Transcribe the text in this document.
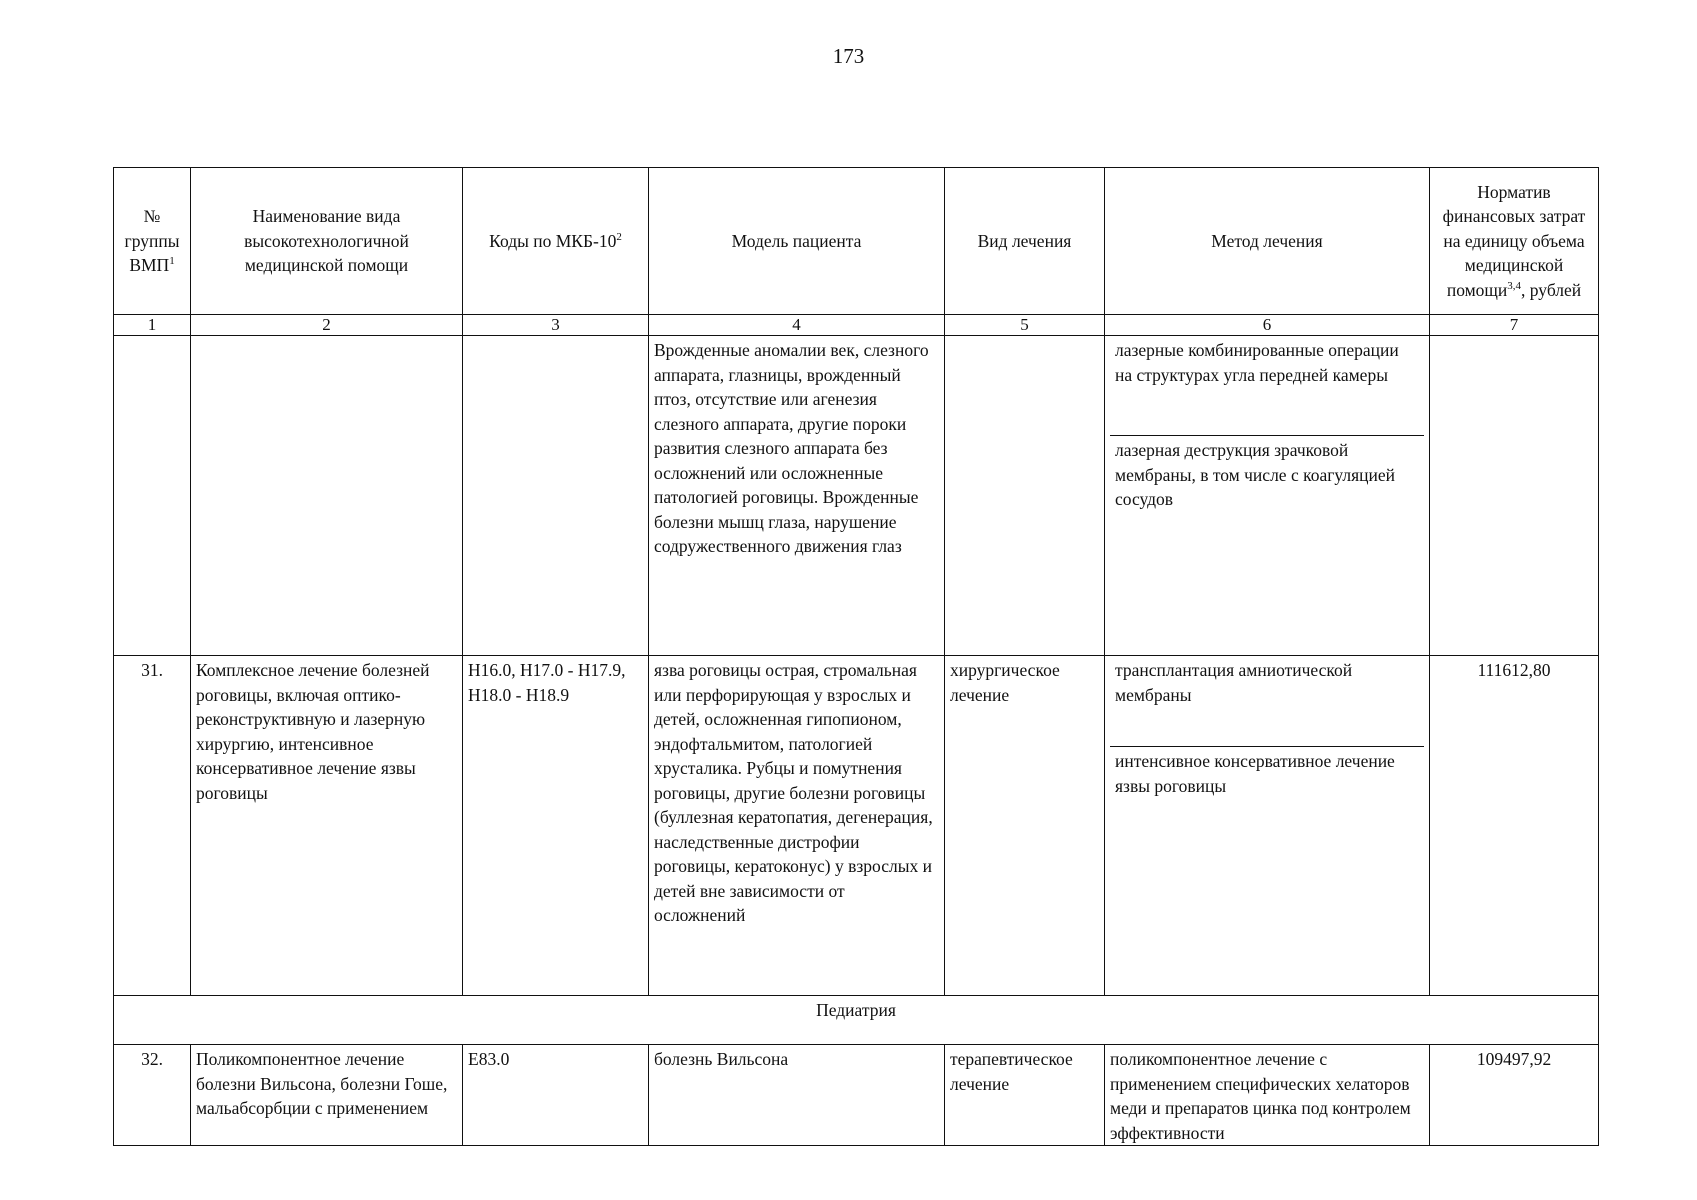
173
№ группы ВМП$^1$	Наименование вида высокотехнологичной медицинской помощи	Коды по МКБ-$10^2$	Модель пациента	Вид лечения	Метод лечения	Норматив финансовых затрат на единицу объема медицинской помощи$^{3,4}$, рублей
1	2	3	4	5	6	7

			Врожденные аномалии век, слезного аппарата, глазницы, врожденный птоз, отсутствие или агенезия слезного аппарата, другие пороки развития слезного аппарата без осложнений или осложненные патологией роговицы. Врожденные болезни мышц глаза, нарушение содружественного движения глаз		лазерные комбинированные операции на структурах угла передней камеры
лазерная деструкция зрачковой мембраны, в том числе с коагуляцией сосудов	

31.	Комплексное лечение болезней роговицы, включая оптико-реконструктивную и лазерную хирургию, интенсивное консервативное лечение язвы роговицы	H16.0, H17.0 - H17.9, H18.0 - H18.9	язва роговицы острая, стромальная или перфорирующая у взрослых и детей, осложненная гипопионом, эндофтальмитом, патологией хрусталика. Рубцы и помутнения роговицы, другие болезни роговицы (буллезная кератопатия, дегенерация, наследственные дистрофии роговицы, кератоконус) у взрослых и детей вне зависимости от осложнений	хирургическое лечение	трансплантация амниотической мембраны
интенсивное консервативное лечение язвы роговицы	111612,80

Педиатрия						

32.	Поликомпонентное лечение болезни Вильсона, болезни Гоше, мальабсорбции с применением	E83.0	болезнь Вильсона	терапевтическое лечение	поликомпонентное лечение с применением специфических хелаторов меди и препаратов цинка под контролем эффективности	109497,92
